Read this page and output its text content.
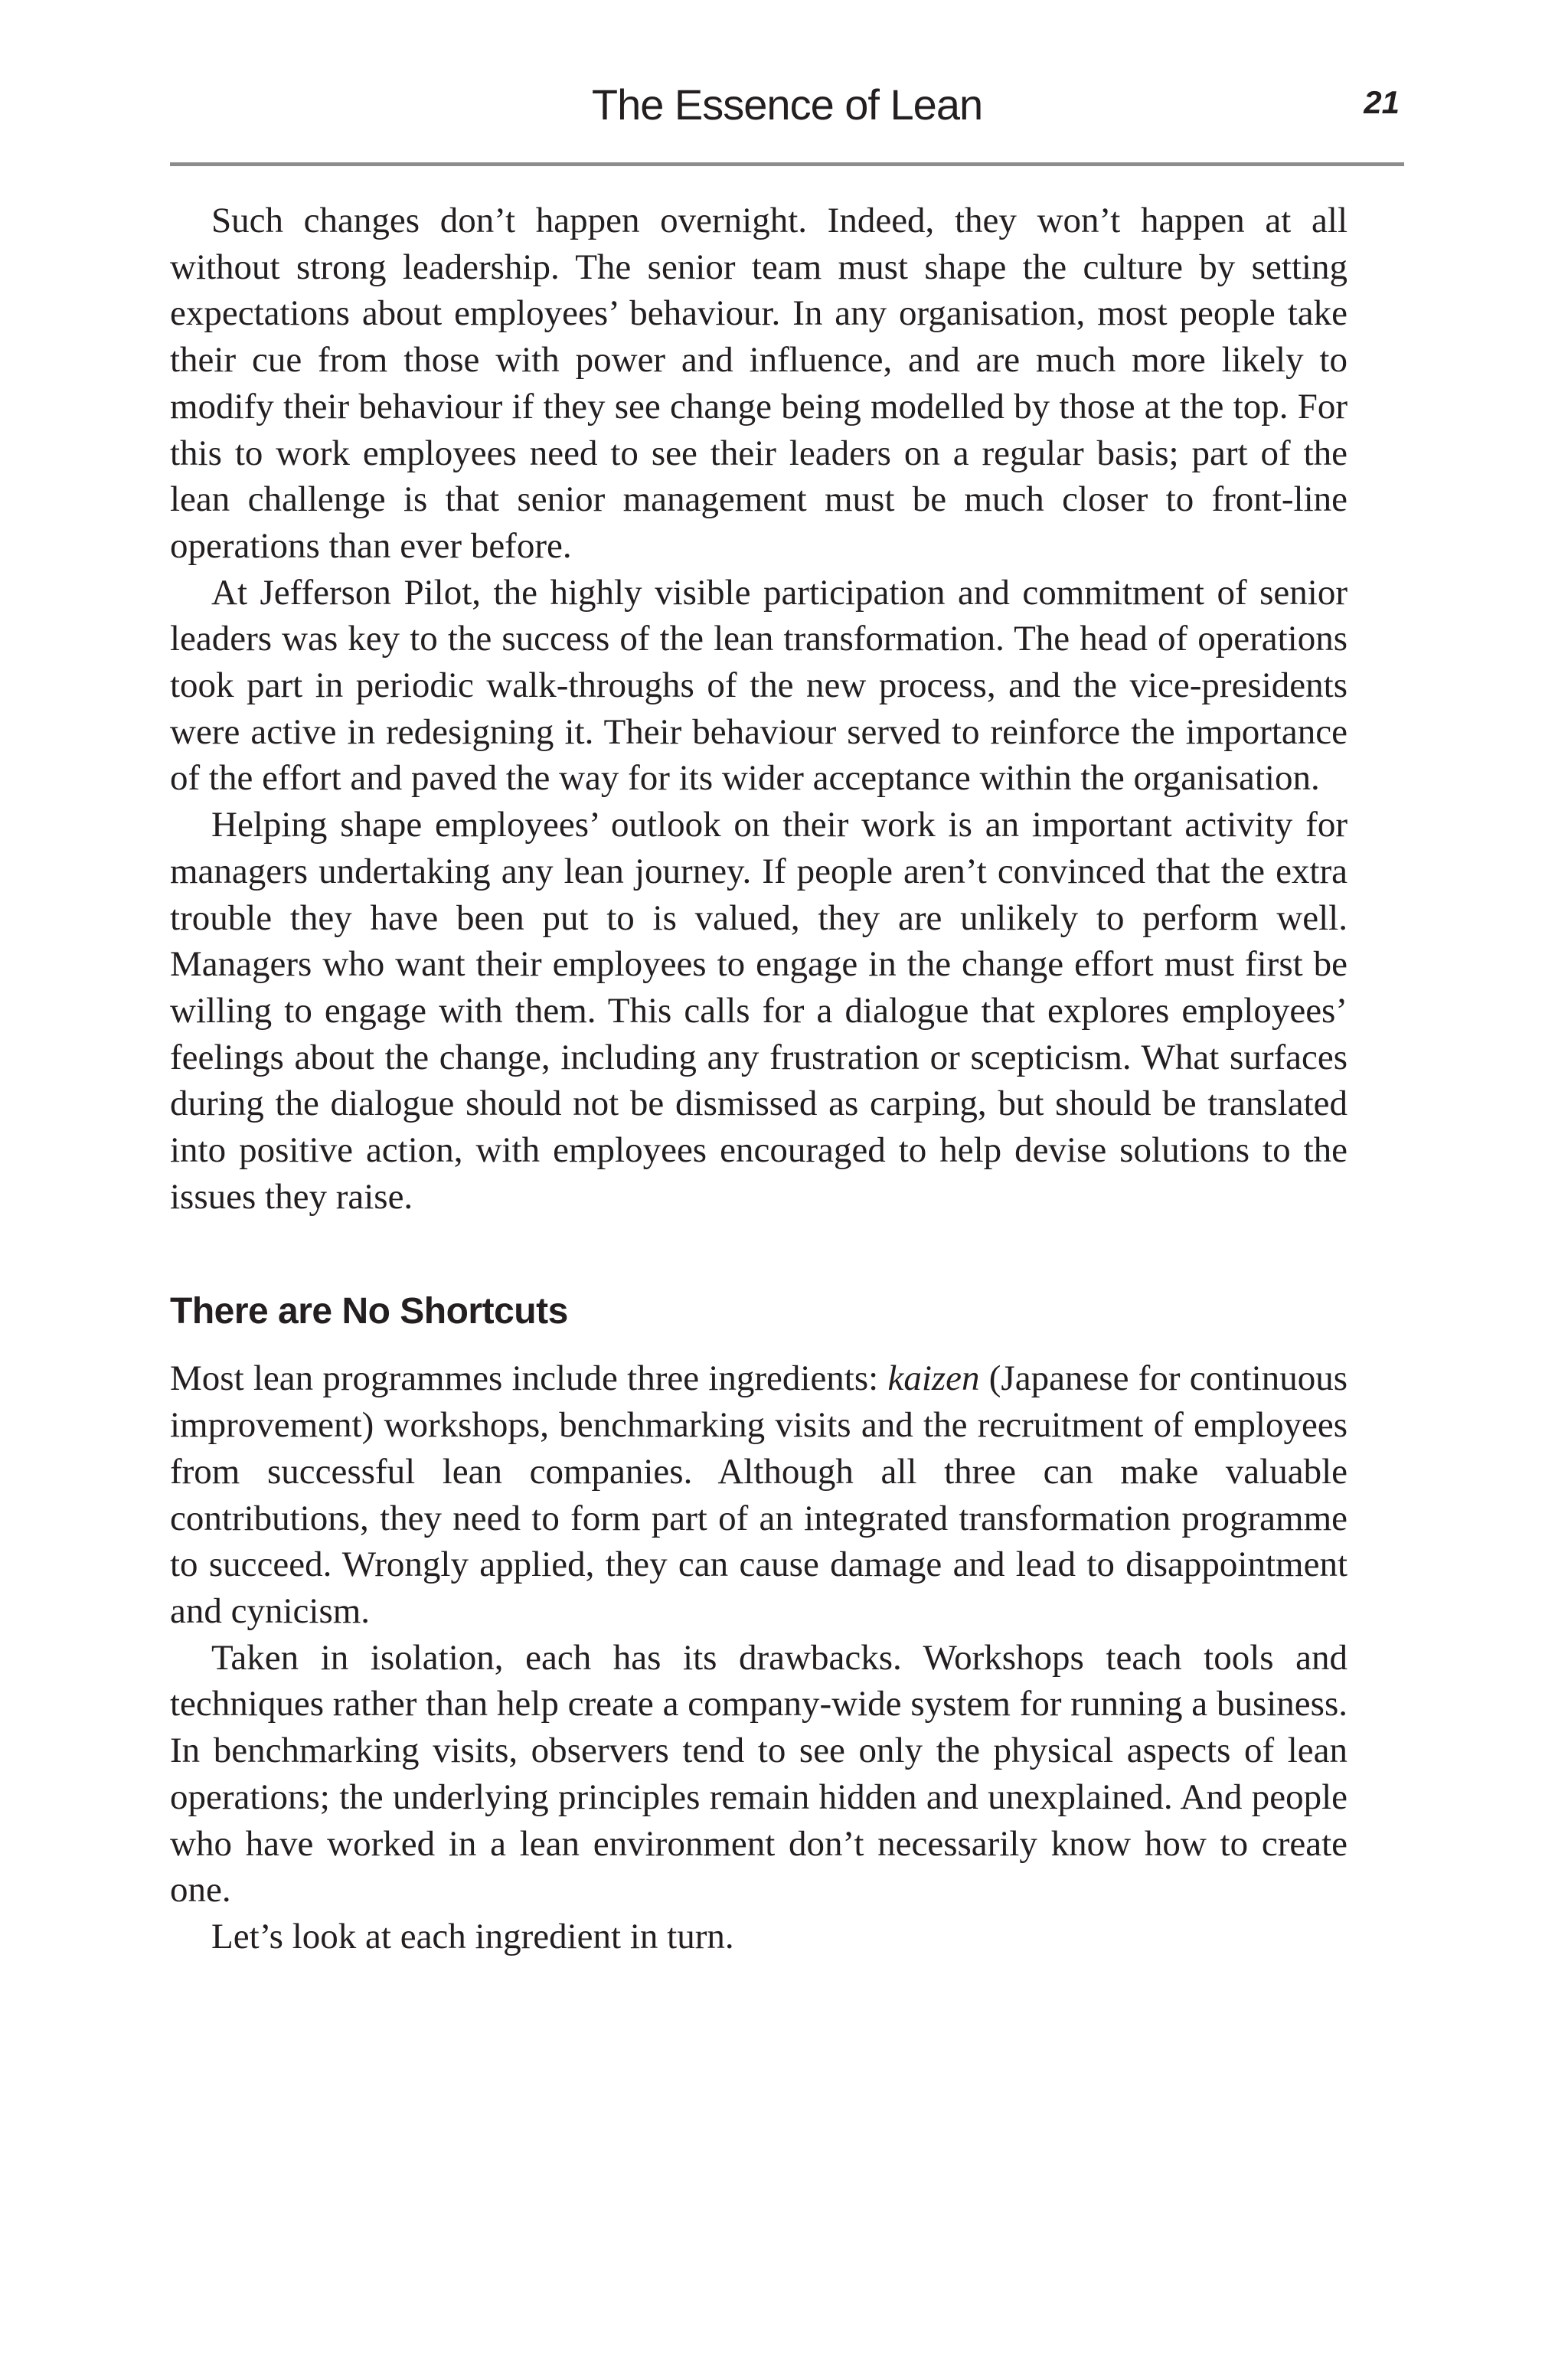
The Essence of Lean	21

Such changes don’t happen overnight. Indeed, they won’t happen at all without strong leadership. The senior team must shape the culture by setting expectations about employees’ behaviour. In any organisation, most people take their cue from those with power and influence, and are much more likely to modify their behaviour if they see change being modelled by those at the top. For this to work employees need to see their leaders on a regular basis; part of the lean challenge is that senior management must be much closer to front-line operations than ever before.

At Jefferson Pilot, the highly visible participation and commitment of senior leaders was key to the success of the lean transformation. The head of operations took part in periodic walk-throughs of the new process, and the vice-presidents were active in redesigning it. Their behaviour served to reinforce the importance of the effort and paved the way for its wider acceptance within the organisation.

Helping shape employees’ outlook on their work is an important activity for managers undertaking any lean journey. If people aren’t convinced that the extra trouble they have been put to is valued, they are unlikely to perform well. Managers who want their employees to engage in the change effort must first be willing to engage with them. This calls for a dialogue that explores employees’ feelings about the change, including any frustration or scepticism. What surfaces during the dialogue should not be dismissed as carping, but should be translated into positive action, with employees encouraged to help devise solutions to the issues they raise.

There are No Shortcuts

Most lean programmes include three ingredients: kaizen (Japanese for continuous improvement) workshops, benchmarking visits and the recruitment of employees from successful lean companies. Although all three can make valuable contributions, they need to form part of an integrated transformation programme to succeed. Wrongly applied, they can cause damage and lead to disappointment and cynicism.

Taken in isolation, each has its drawbacks. Workshops teach tools and techniques rather than help create a company-wide system for running a business. In benchmarking visits, observers tend to see only the physical aspects of lean operations; the underlying principles remain hidden and unexplained. And people who have worked in a lean environment don’t necessarily know how to create one.

Let’s look at each ingredient in turn.
